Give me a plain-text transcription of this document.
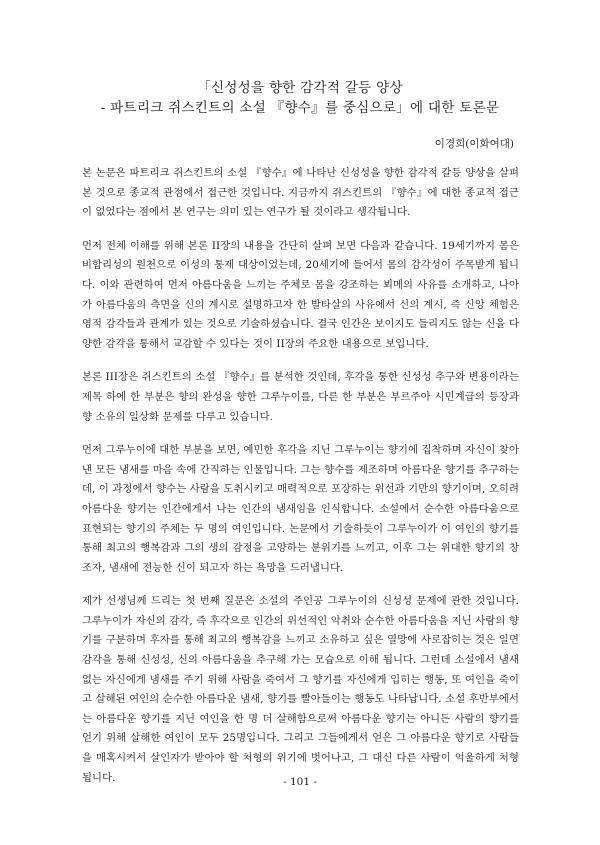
「신성성을 향한 감각적 갈등 양상
- 파트리크 쥐스킨트의 소설 『향수』를 중심으로」에 대한 토론문
이경희(이화여대)

본 논문은 파트리크 쥐스킨트의 소설 『향수』에 나타난 신성성을 향한 감각적 갈등 양상을 살펴본 것으로 종교적 관점에서 접근한 것입니다. 지금까지 쥐스킨트의 『향수』에 대한 종교적 접근이 없었다는 점에서 본 연구는 의미 있는 연구가 될 것이라고 생각됩니다.

먼저 전체 이해를 위해 본론 II장의 내용을 간단히 살펴 보면 다음과 같습니다. 19세기까지 몸은 비합리성의 원천으로 이성의 통제 대상이었는데, 20세기에 들어서 몸의 감각성이 주목받게 됩니다. 이와 관련하여 먼저 아름다움을 느끼는 주체로 몸을 강조하는 뵈메의 사유를 소개하고, 나아가 아름다움의 측면을 신의 계시로 설명하고자 한 발타살의 사유에서 신의 계시, 즉 신앙 체험은 영적 감각들과 관계가 있는 것으로 기술하셨습니다. 결국 인간은 보이지도 들리지도 않는 신을 다양한 감각을 통해서 교감할 수 있다는 것이 II장의 주요한 내용으로 보입니다.

본론 III장은 쥐스킨트의 소설 『향수』를 분석한 것인데, 후각을 통한 신성성 추구와 변용이라는 제목 하에 한 부분은 향의 완성을 향한 그루누이를, 다른 한 부분은 부르주아 시민계급의 등장과 향 소유의 일상화 문제를 다루고 있습니다.

먼저 그루누이에 대한 부분을 보면, 예민한 후각을 지닌 그루누이는 향기에 집착하며 자신이 찾아낸 모든 냄새를 마음 속에 간직하는 인물입니다. 그는 향수를 제조하며 아름다운 향기를 추구하는데, 이 과정에서 향수는 사람을 도취시키고 매력적으로 포장하는 위선과 기만의 향기이며, 오히려 아름다운 향기는 인간에게서 나는 인간의 냄새임을 인식합니다. 소설에서 순수한 아름다움으로 표현되는 향기의 주체는 두 명의 여인입니다. 논문에서 기술하듯이 그루누이가 이 여인의 향기를 통해 최고의 행복감과 그의 생의 감정을 고양하는 분위기를 느끼고, 이후 그는 위대한 향기의 창조자, 냄새에 전능한 신이 되고자 하는 욕망을 드러냅니다.

제가 선생님께 드리는 첫 번째 질문은 소설의 주인공 그루누이의 신성성 문제에 관한 것입니다. 그루누이가 자신의 감각, 즉 후각으로 인간의 위선적인 악취와 순수한 아름다움을 지닌 사람의 향기를 구분하며 후자를 통해 최고의 행복감을 느끼고 소유하고 싶은 열망에 사로잡히는 것은 일면 감각을 통해 신성성, 신의 아름다움을 추구해 가는 모습으로 이해 됩니다. 그런데 소설에서 냄새 없는 자신에게 냄새를 주기 위해 사람을 죽여서 그 향기를 자신에게 입히는 행동, 또 여인을 죽이고 살해된 여인의 순수한 아름다운 냄새, 향기를 빨아들이는 행동도 나타납니다. 소설 후반부에서는 아름다운 향기를 지닌 여인을 한 명 더 살해함으로써 아름다운 향기는 아니든 사람의 향기를 얻기 위해 살해한 여인이 모두 25명입니다. 그리고 그들에게서 얻은 그 아름다운 향기로 사람들을 매혹시켜서 살인자가 받아야 할 처형의 위기에 벗어나고, 그 대신 다른 사람이 억울하게 처형됩니다.	- 101 -
